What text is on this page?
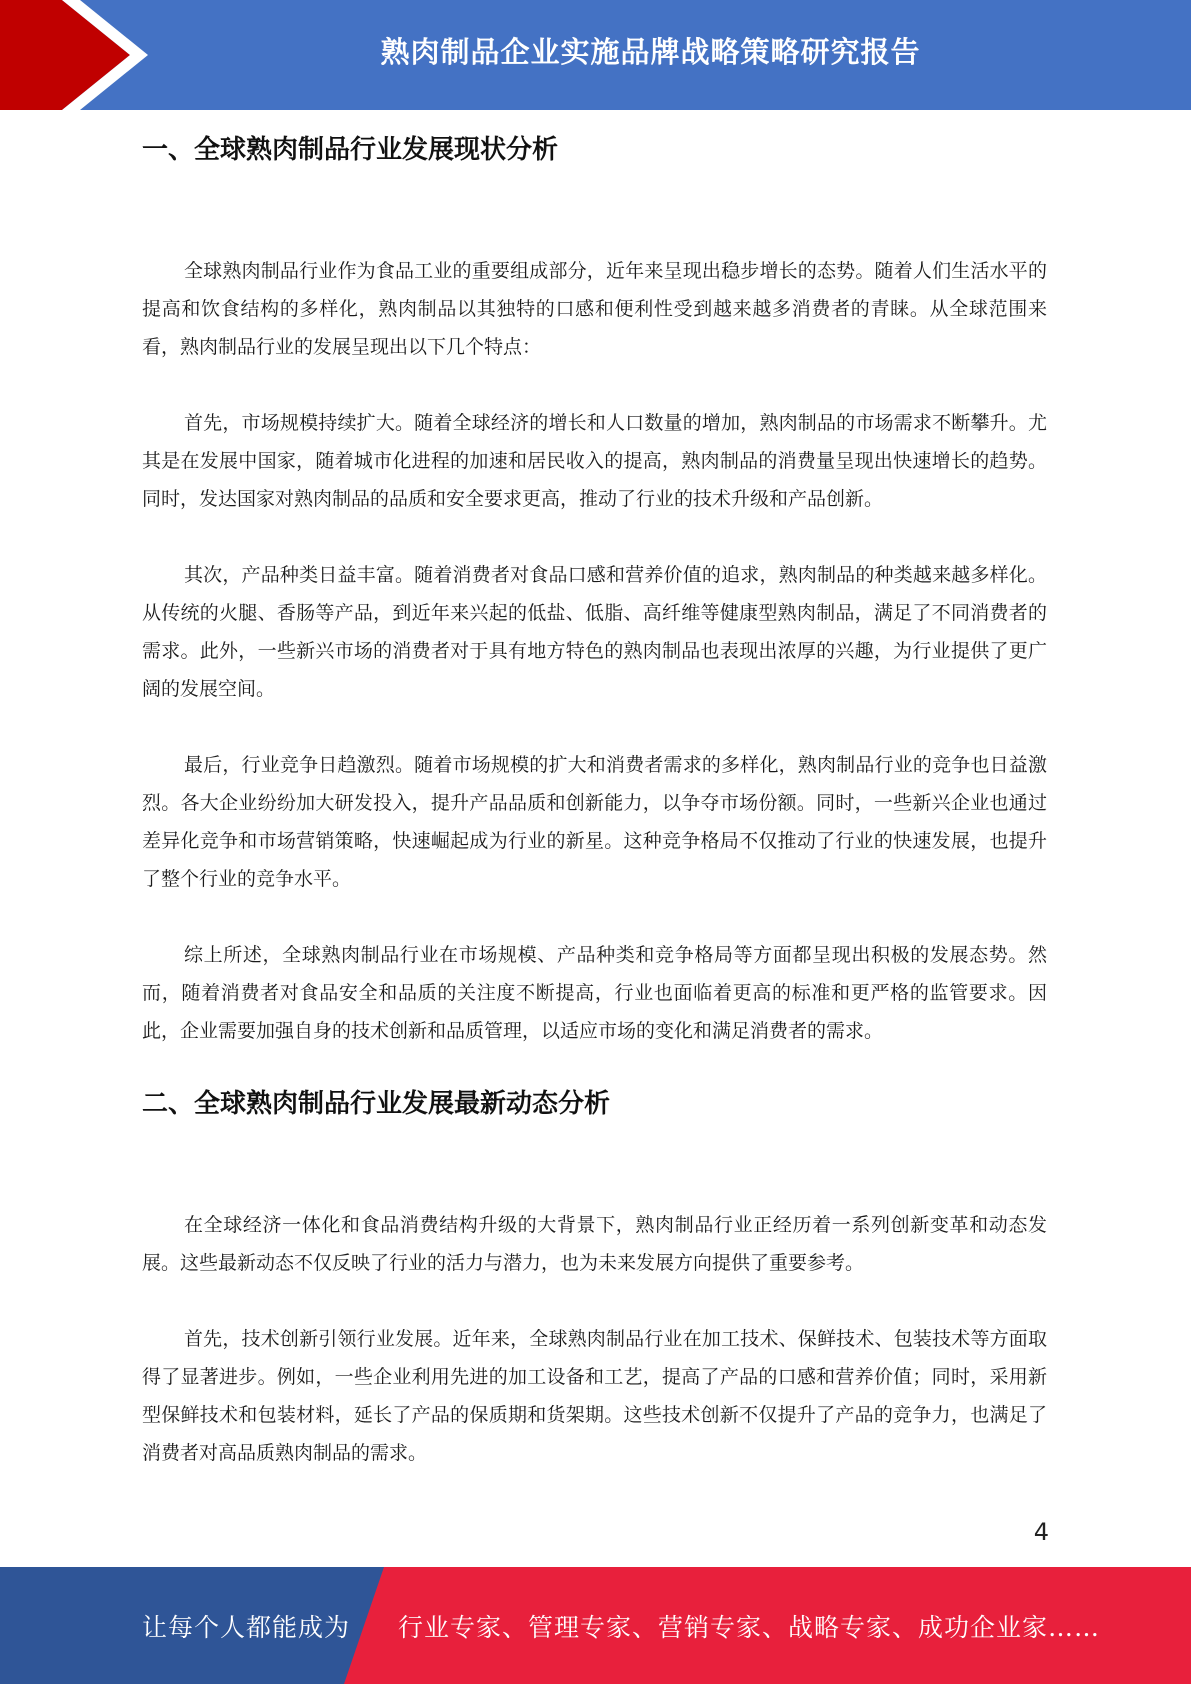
熟肉制品企业实施品牌战略策略研究报告
一、全球熟肉制品行业发展现状分析

全球熟肉制品行业作为食品工业的重要组成部分，近年来呈现出稳步增长的态势。随着人们生活水平的提高和饮食结构的多样化，熟肉制品以其独特的口感和便利性受到越来越多消费者的青睐。从全球范围来看，熟肉制品行业的发展呈现出以下几个特点：

首先，市场规模持续扩大。随着全球经济的增长和人口数量的增加，熟肉制品的市场需求不断攀升。尤其是在发展中国家，随着城市化进程的加速和居民收入的提高，熟肉制品的消费量呈现出快速增长的趋势。同时，发达国家对熟肉制品的品质和安全要求更高，推动了行业的技术升级和产品创新。

其次，产品种类日益丰富。随着消费者对食品口感和营养价值的追求，熟肉制品的种类越来越多样化。从传统的火腿、香肠等产品，到近年来兴起的低盐、低脂、高纤维等健康型熟肉制品，满足了不同消费者的需求。此外，一些新兴市场的消费者对于具有地方特色的熟肉制品也表现出浓厚的兴趣，为行业提供了更广阔的发展空间。

最后，行业竞争日趋激烈。随着市场规模的扩大和消费者需求的多样化，熟肉制品行业的竞争也日益激烈。各大企业纷纷加大研发投入，提升产品品质和创新能力，以争夺市场份额。同时，一些新兴企业也通过差异化竞争和市场营销策略，快速崛起成为行业的新星。这种竞争格局不仅推动了行业的快速发展，也提升了整个行业的竞争水平。

综上所述，全球熟肉制品行业在市场规模、产品种类和竞争格局等方面都呈现出积极的发展态势。然而，随着消费者对食品安全和品质的关注度不断提高，行业也面临着更高的标准和更严格的监管要求。因此，企业需要加强自身的技术创新和品质管理，以适应市场的变化和满足消费者的需求。

二、全球熟肉制品行业发展最新动态分析

在全球经济一体化和食品消费结构升级的大背景下，熟肉制品行业正经历着一系列创新变革和动态发展。这些最新动态不仅反映了行业的活力与潜力，也为未来发展方向提供了重要参考。

首先，技术创新引领行业发展。近年来，全球熟肉制品行业在加工技术、保鲜技术、包装技术等方面取得了显著进步。例如，一些企业利用先进的加工设备和工艺，提高了产品的口感和营养价值；同时，采用新型保鲜技术和包装材料，延长了产品的保质期和货架期。这些技术创新不仅提升了产品的竞争力，也满足了消费者对高品质熟肉制品的需求。

4
让每个人都能成为 行业专家、管理专家、营销专家、战略专家、成功企业家……
